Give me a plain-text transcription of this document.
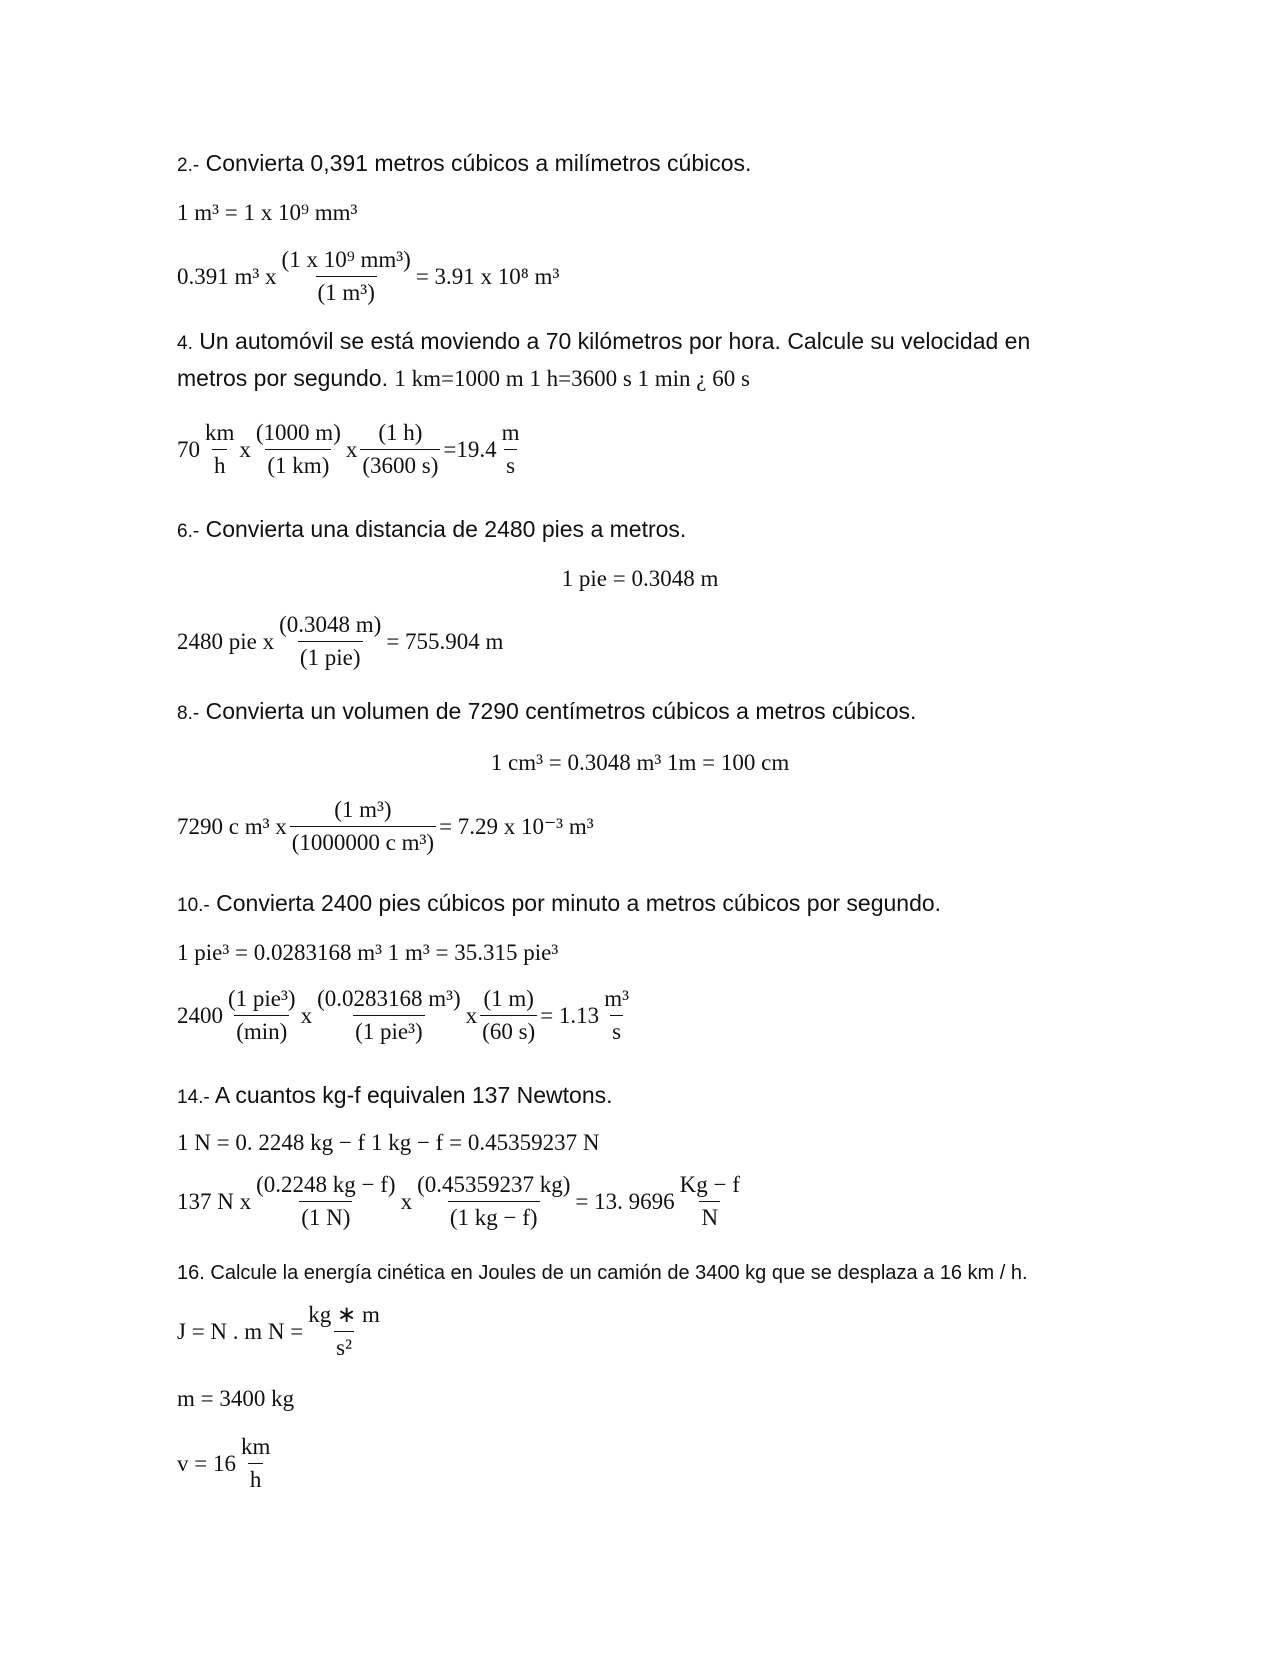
2.- Convierta 0,391 metros cúbicos a milímetros cúbicos.
1 m³ = 1 x 10⁹ mm³
0.391 m³ x $\frac{\text{(1 x 10⁹ mm³)}}{\text{(1 m³)}} = 3.91$ x 10⁸ m³
4. Un automóvil se está moviendo a 70 kilómetros por hora. Calcule su velocidad en metros por segundo. 1 km=1000 m 1 h=3600 s 1 min ¿ 60 s
$70 \frac{km}{h}$ x $\frac{(1000 m)}{(1 km)}$ x $\frac{(1 h)}{(3600 s)} =19.4 \frac{m}{s}$
6.- Convierta una distancia de 2480 pies a metros.
1 pie = 0.3048 m
2480 pie x $\frac{(0.3048 m)}{\text{(1 pie)}} = 755.904$ m
8.- Convierta un volumen de 7290 centímetros cúbicos a metros cúbicos.
1 cm³ = 0.3048 m³ 1m = 100 cm
7290 c m³ x $\frac{\text{(1 m³)}}{\text{(1000000 c m³)}} = 7.29$ x 10⁻³ m³
10.- Convierta 2400 pies cúbicos por minuto a metros cúbicos por segundo.
1 pie³ = 0.0283168 m³ 1 m³ = 35.315 pie³
$2400 \frac{\text{(1 pie³)}}{(\min)}$ x $\frac{\text{(0.0283168 m³)}}{\text{(1 pie³)}}$ x $\frac{(1 m)}{(60 s)} = 1.13 \frac{\text{m³}}{s}$
14.- A cuantos kg-f equivalen 137 Newtons.
1 N = 0. 2248 kg − f 1 kg − f = 0.45359237 N
137 N x $\frac{(0.2248 kg - f)}{(1 N)}$ x $\frac{(0.45359237 kg)}{(1 kg - f)} = 13$. $9696 \frac{Kg - f}{N}$
16. Calcule la energía cinética en Joules de un camión de 3400 kg que se desplaza a 16 km / h.
J = N . m $N = \frac{kg ∗ m}{\text{s²}}$
m = 3400 kg
$v = 16 \frac{km}{h}$
